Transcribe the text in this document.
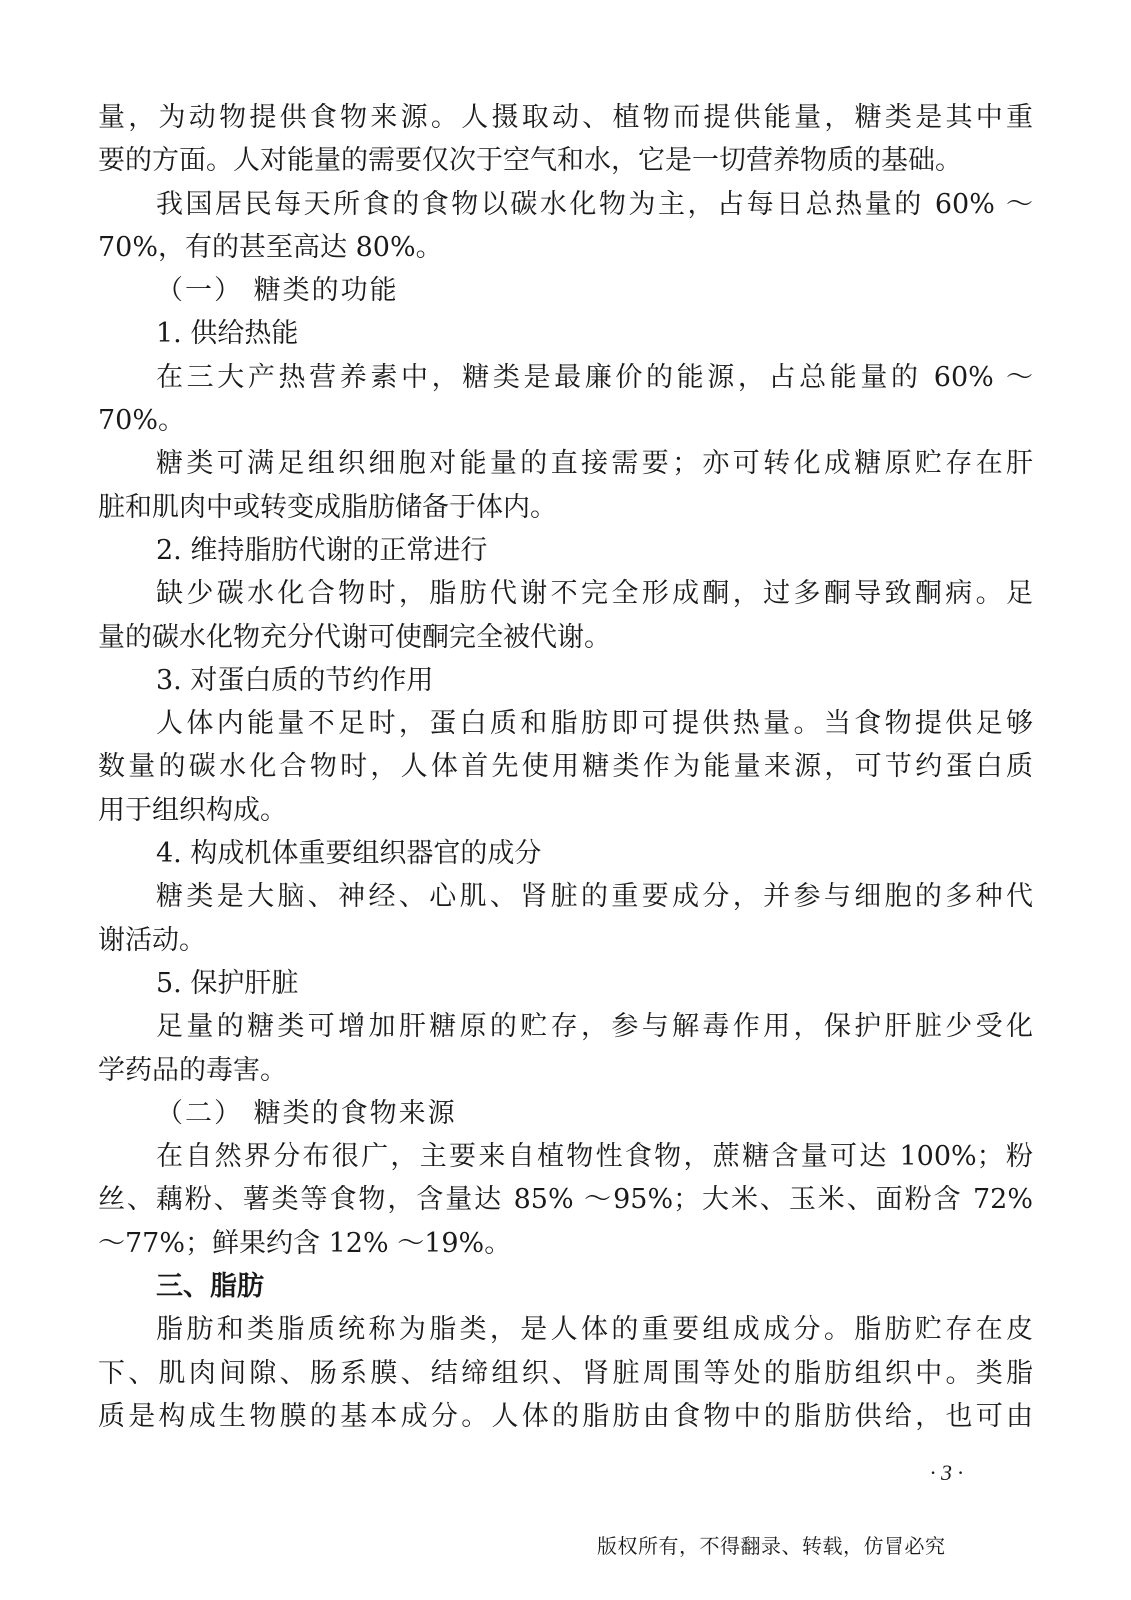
量，为动物提供食物来源。人摄取动、植物而提供能量，糖类是其中重
要的方面。人对能量的需要仅次于空气和水，它是一切营养物质的基础。
我国居民每天所食的食物以碳水化物为主，占每日总热量的 60% ～
70%，有的甚至高达 80%。
（一） 糖类的功能
1. 供给热能
在三大产热营养素中，糖类是最廉价的能源，占总能量的 60% ～
70%。
糖类可满足组织细胞对能量的直接需要；亦可转化成糖原贮存在肝
脏和肌肉中或转变成脂肪储备于体内。
2. 维持脂肪代谢的正常进行
缺少碳水化合物时，脂肪代谢不完全形成酮，过多酮导致酮病。足
量的碳水化物充分代谢可使酮完全被代谢。
3. 对蛋白质的节约作用
人体内能量不足时，蛋白质和脂肪即可提供热量。当食物提供足够
数量的碳水化合物时，人体首先使用糖类作为能量来源，可节约蛋白质
用于组织构成。
4. 构成机体重要组织器官的成分
糖类是大脑、神经、心肌、肾脏的重要成分，并参与细胞的多种代
谢活动。
5. 保护肝脏
足量的糖类可增加肝糖原的贮存，参与解毒作用，保护肝脏少受化
学药品的毒害。
（二） 糖类的食物来源
在自然界分布很广，主要来自植物性食物，蔗糖含量可达 100%；粉
丝、藕粉、薯类等食物，含量达 85% ～95%；大米、玉米、面粉含 72%
～77%；鲜果约含 12% ～19%。
三、脂肪
脂肪和类脂质统称为脂类，是人体的重要组成成分。脂肪贮存在皮
下、肌肉间隙、肠系膜、结缔组织、肾脏周围等处的脂肪组织中。类脂
质是构成生物膜的基本成分。人体的脂肪由食物中的脂肪供给，也可由
· 3 ·
版权所有，不得翻录、转载，仿冒必究
